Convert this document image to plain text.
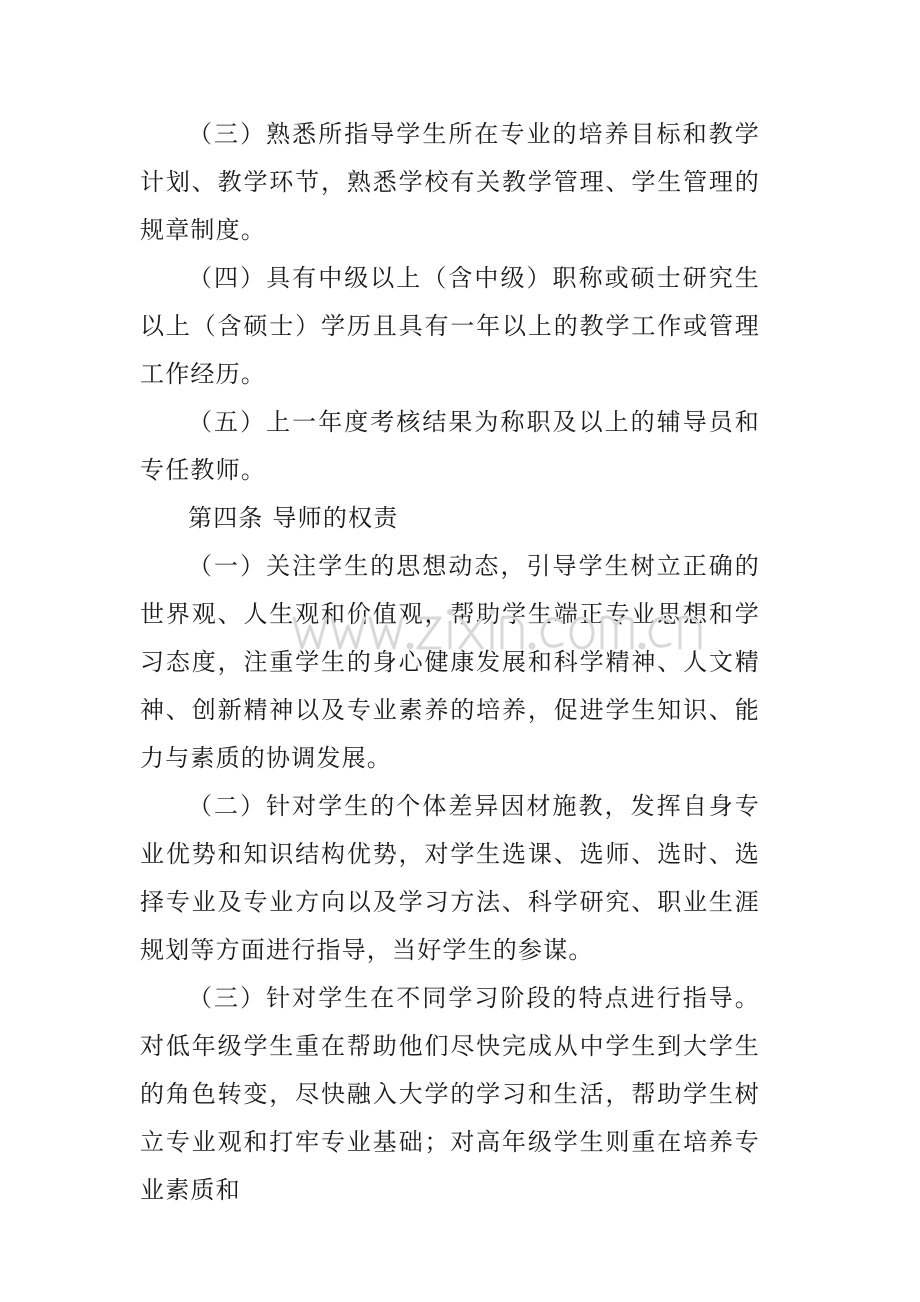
（三）熟悉所指导学生所在专业的培养目标和教学计划、教学环节，熟悉学校有关教学管理、学生管理的规章制度。

（四）具有中级以上（含中级）职称或硕士研究生以上（含硕士）学历且具有一年以上的教学工作或管理工作经历。

（五）上一年度考核结果为称职及以上的辅导员和专任教师。

第四条 导师的权责

（一）关注学生的思想动态，引导学生树立正确的世界观、人生观和价值观，帮助学生端正专业思想和学习态度，注重学生的身心健康发展和科学精神、人文精神、创新精神以及专业素养的培养，促进学生知识、能力与素质的协调发展。

（二）针对学生的个体差异因材施教，发挥自身专业优势和知识结构优势，对学生选课、选师、选时、选择专业及专业方向以及学习方法、科学研究、职业生涯规划等方面进行指导，当好学生的参谋。

（三）针对学生在不同学习阶段的特点进行指导。对低年级学生重在帮助他们尽快完成从中学生到大学生的角色转变，尽快融入大学的学习和生活，帮助学生树立专业观和打牢专业基础；对高年级学生则重在培养专业素质和
